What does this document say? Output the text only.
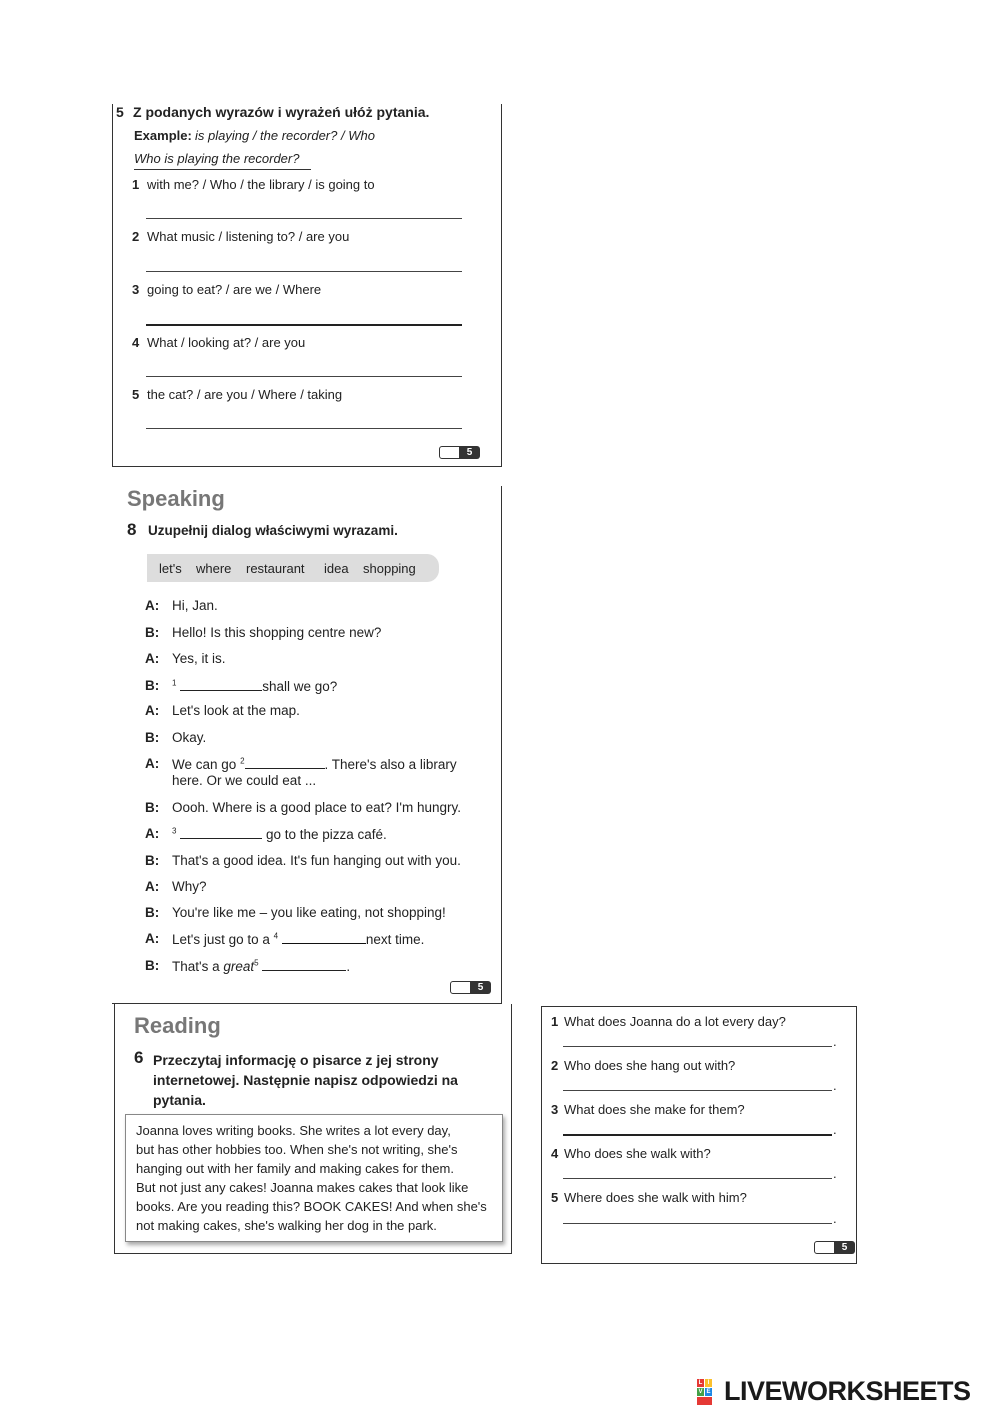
5 Z podanych wyrazów i wyrażeń ułóż pytania.
Example: is playing / the recorder? / Who
Who is playing the recorder?
1 with me? / Who / the library / is going to
2 What music / listening to? / are you
3 going to eat? / are we / Where
4 What / looking at? / are you
5 the cat? / are you / Where / taking
5
Speaking
8 Uzupełnij dialog właściwymi wyrazami.
let's where restaurant idea shopping
A: Hi, Jan.
B: Hello! Is this shopping centre new?
A: Yes, it is.
B: $^1$	shall we go?
A: Let's look at the map.
B: Okay.
A: We can go $^2$	. There's also a library
here. Or we could eat ...
B: Oooh. Where is a good place to eat? I'm hungry.
A: $^3$	go to the pizza café.
B: That's a good idea. It's fun hanging out with you.
A: Why?
B: You're like me – you like eating, not shopping!
A: Let's just go to a $^4$	next time.
B: That's a great$^5$	.
5
Reading
6 Przeczytaj informację o pisarce z jej strony
internetowej. Następnie napisz odpowiedzi na
pytania.
Joanna loves writing books. She writes a lot every day,
but has other hobbies too. When she's not writing, she's
hanging out with her family and making cakes for them.
But not just any cakes! Joanna makes cakes that look like
books. Are you reading this? BOOK CAKES! And when she's
not making cakes, she's walking her dog in the park.
1 What does Joanna do a lot every day?
.
2 Who does she hang out with?
.
3 What does she make for them?
.
4 Who does she walk with?
.
5 Where does she walk with him?
.
5
L I
V E LIVEWORKSHEETS
